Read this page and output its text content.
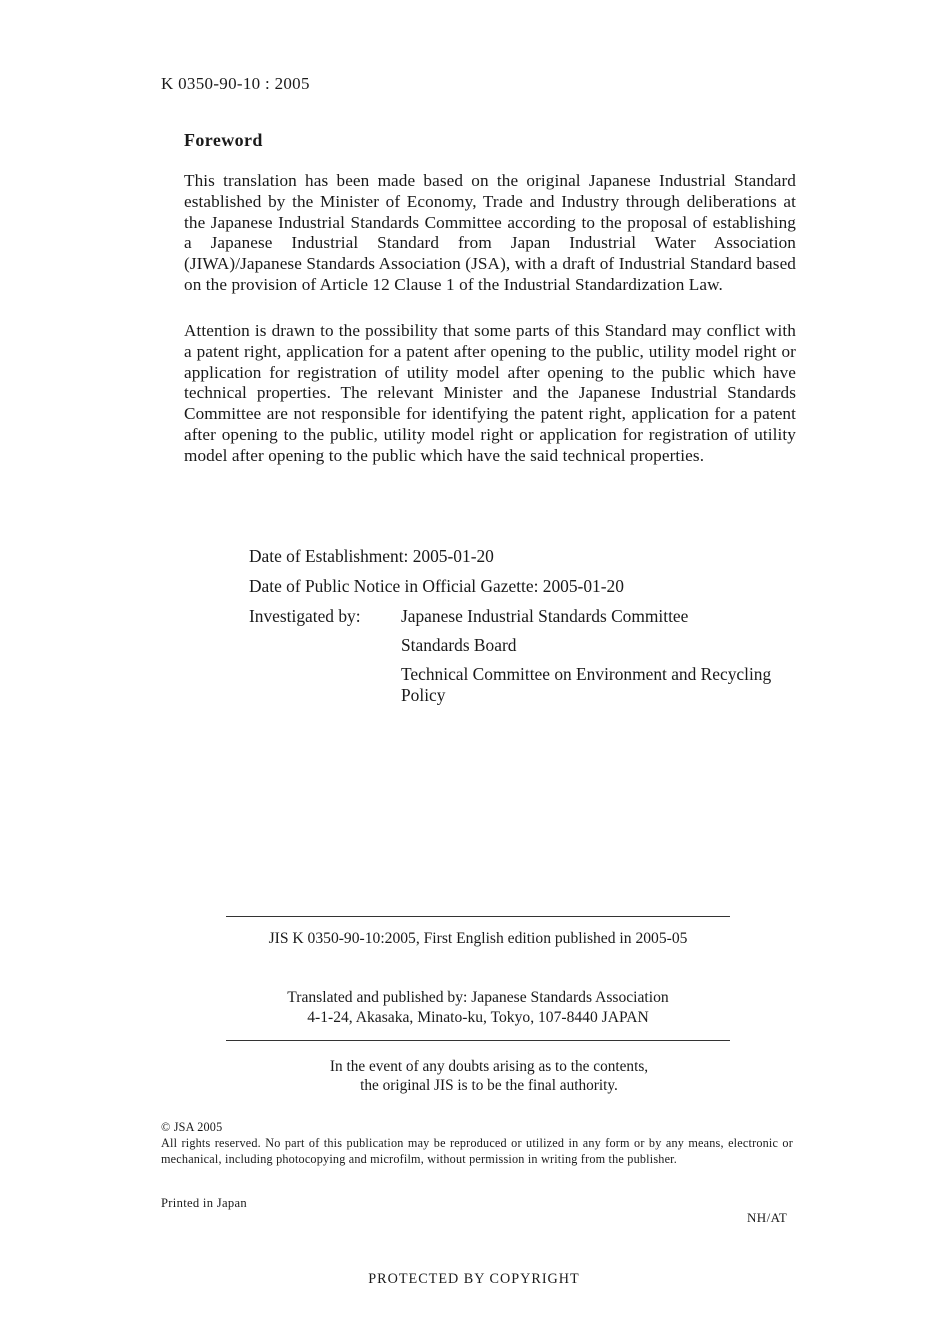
K 0350-90-10 : 2005
Foreword

This translation has been made based on the original Japanese Industrial Standard established by the Minister of Economy, Trade and Industry through deliberations at the Japanese Industrial Standards Committee according to the proposal of establishing a Japanese Industrial Standard from Japan Industrial Water Association (JIWA)/Japanese Standards Association (JSA), with a draft of Industrial Standard based on the provision of Article 12 Clause 1 of the Industrial Standardization Law.

Attention is drawn to the possibility that some parts of this Standard may conflict with a patent right, application for a patent after opening to the public, utility model right or application for registration of utility model after opening to the public which have technical properties. The relevant Minister and the Japanese Industrial Standards Committee are not responsible for identifying the patent right, application for a patent after opening to the public, utility model right or application for registration of utility model after opening to the public which have the said technical properties.

Date of Establishment: 2005-01-20
Date of Public Notice in Official Gazette: 2005-01-20
Investigated by: Japanese Industrial Standards Committee
Standards Board
Technical Committee on Environment and Recycling Policy
JIS K 0350-90-10:2005, First English edition published in 2005-05
Translated and published by: Japanese Standards Association
4-1-24, Akasaka, Minato-ku, Tokyo, 107-8440 JAPAN
In the event of any doubts arising as to the contents,
the original JIS is to be the final authority.

© JSA 2005

All rights reserved. No part of this publication may be reproduced or utilized in any form or by any means, electronic or mechanical, including photocopying and microfilm, without permission in writing from the publisher.

Printed in Japan
NH/AT
PROTECTED BY COPYRIGHT
